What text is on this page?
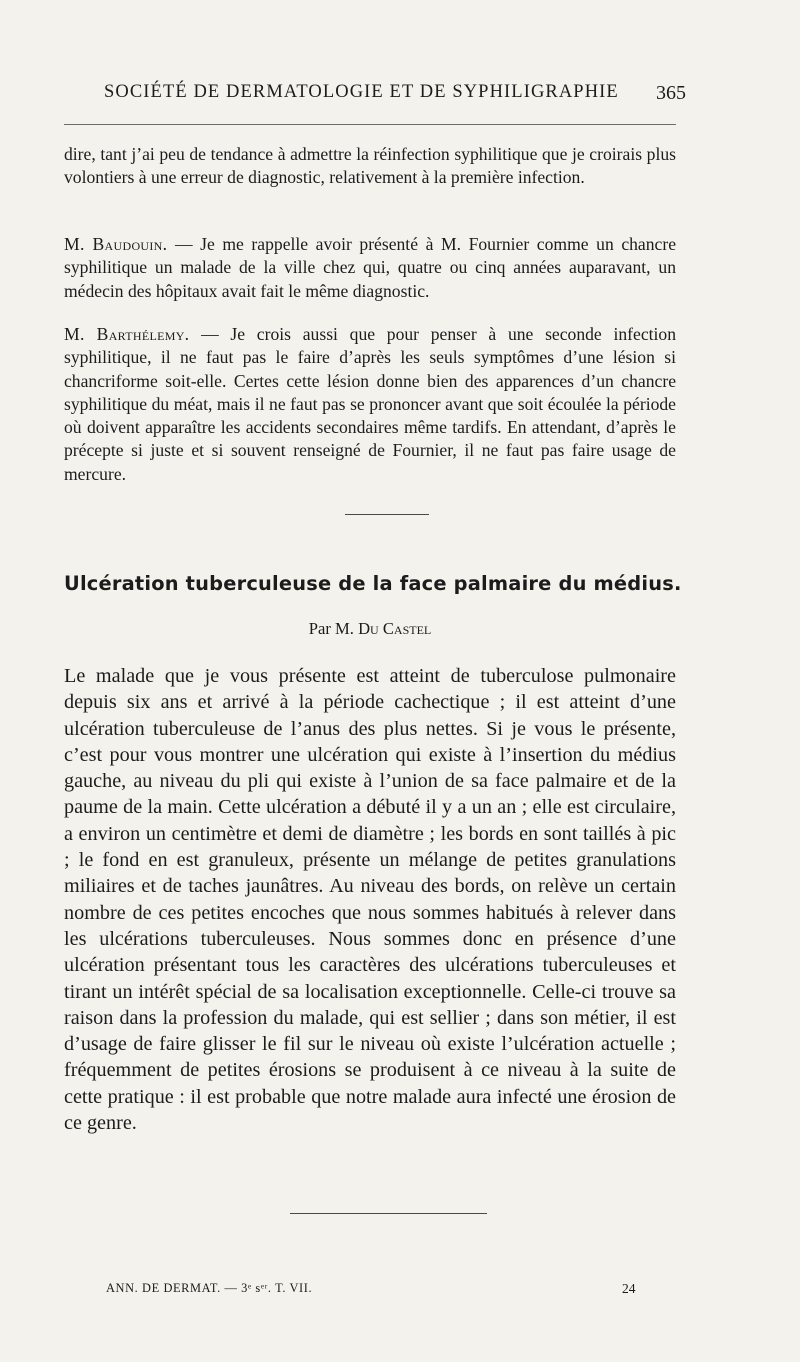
SOCIÉTÉ DE DERMATOLOGIE ET DE SYPHILIGRAPHIE 365

dire, tant j’ai peu de tendance à admettre la réinfection syphilitique que je croirais plus volontiers à une erreur de diagnostic, relativement à la première infection.

M. Baudouin. — Je me rappelle avoir présenté à M. Fournier comme un chancre syphilitique un malade de la ville chez qui, quatre ou cinq années auparavant, un médecin des hôpitaux avait fait le même diagnostic.

M. Barthélemy. — Je crois aussi que pour penser à une seconde infection syphilitique, il ne faut pas le faire d’après les seuls symptômes d’une lésion si chancriforme soit-elle. Certes cette lésion donne bien des apparences d’un chancre syphilitique du méat, mais il ne faut pas se prononcer avant que soit écoulée la période où doivent apparaître les accidents secondaires même tardifs. En attendant, d’après le précepte si juste et si souvent renseigné de Fournier, il ne faut pas faire usage de mercure.

Ulcération tuberculeuse de la face palmaire du médius.

Par M. Du Castel

Le malade que je vous présente est atteint de tuberculose pulmonaire depuis six ans et arrivé à la période cachectique ; il est atteint d’une ulcération tuberculeuse de l’anus des plus nettes. Si je vous le présente, c’est pour vous montrer une ulcération qui existe à l’insertion du médius gauche, au niveau du pli qui existe à l’union de sa face palmaire et de la paume de la main. Cette ulcération a débuté il y a un an ; elle est circulaire, a environ un centimètre et demi de diamètre ; les bords en sont taillés à pic ; le fond en est granuleux, présente un mélange de petites granulations miliaires et de taches jaunâtres. Au niveau des bords, on relève un certain nombre de ces petites encoches que nous sommes habitués à relever dans les ulcérations tuberculeuses. Nous sommes donc en présence d’une ulcération présentant tous les caractères des ulcérations tuberculeuses et tirant un intérêt spécial de sa localisation exceptionnelle. Celle-ci trouve sa raison dans la profession du malade, qui est sellier ; dans son métier, il est d’usage de faire glisser le fil sur le niveau où existe l’ulcération actuelle ; fréquemment de petites érosions se produisent à ce niveau à la suite de cette pratique : il est probable que notre malade aura infecté une érosion de ce genre.

ANN. DE DERMAT. — 3ᵉ sᵉʳ. T. VII.	24
